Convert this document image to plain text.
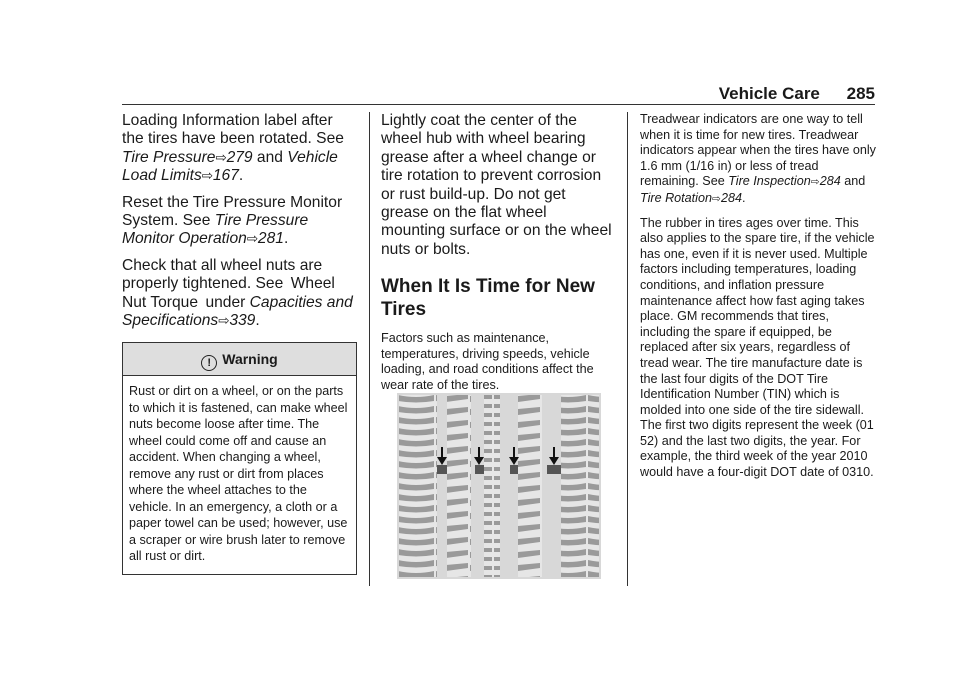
Vehicle Care 285

Loading Information label after the tires have been rotated. See Tire Pressure⇨279 and Vehicle Load Limits⇨167.

Reset the Tire Pressure Monitor System. See Tire Pressure Monitor Operation⇨281.

Check that all wheel nuts are properly tightened. See  Wheel Nut Torque  under Capacities and Specifications⇨339.

! Warning
Rust or dirt on a wheel, or on the parts to which it is fastened, can make wheel nuts become loose after time. The wheel could come off and cause an accident. When changing a wheel, remove any rust or dirt from places where the wheel attaches to the vehicle. In an emergency, a cloth or a paper towel can be used; however, use a scraper or wire brush later to remove all rust or dirt.

Lightly coat the center of the wheel hub with wheel bearing grease after a wheel change or tire rotation to prevent corrosion or rust build-up. Do not get grease on the flat wheel mounting surface or on the wheel nuts or bolts.

When It Is Time for New Tires

Factors such as maintenance, temperatures, driving speeds, vehicle loading, and road conditions affect the wear rate of the tires.

Treadwear indicators are one way to tell when it is time for new tires. Treadwear indicators appear when the tires have only 1.6 mm (1/16 in) or less of tread remaining. See Tire Inspection⇨284 and Tire Rotation⇨284.

The rubber in tires ages over time. This also applies to the spare tire, if the vehicle has one, even if it is never used. Multiple factors including temperatures, loading conditions, and inflation pressure maintenance affect how fast aging takes place. GM recommends that tires, including the spare if equipped, be replaced after six years, regardless of tread wear. The tire manufacture date is the last four digits of the DOT Tire Identification Number (TIN) which is molded into one side of the tire sidewall. The first two digits represent the week (01 52) and the last two digits, the year. For example, the third week of the year 2010 would have a four-digit DOT date of 0310.
